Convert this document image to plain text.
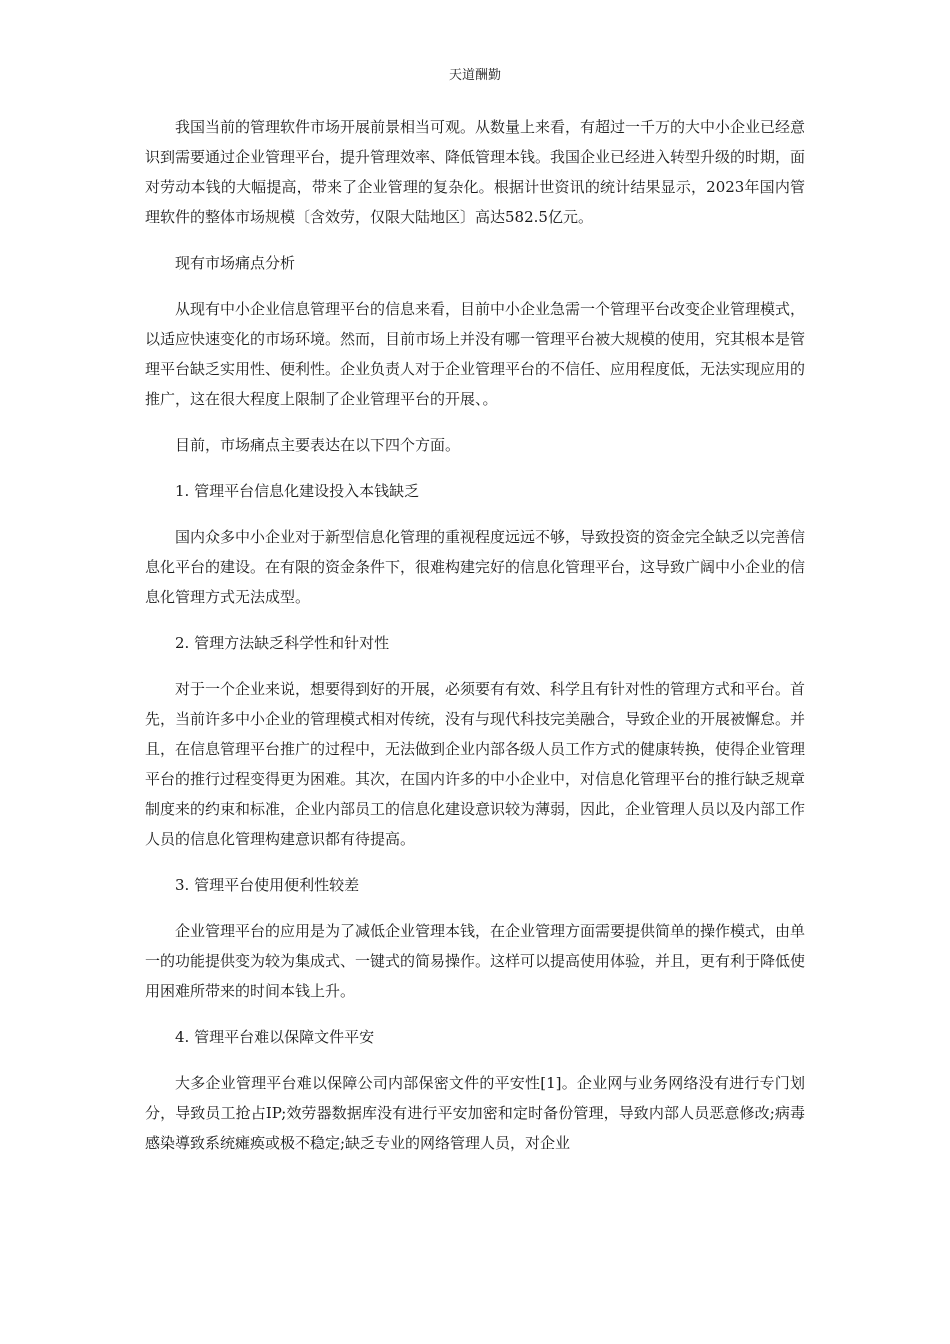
天道酬勤

我国当前的管理软件市场开展前景相当可观。从数量上来看，有超过一千万的大中小企业已经意识到需要通过企业管理平台，提升管理效率、降低管理本钱。我国企业已经进入转型升级的时期，面对劳动本钱的大幅提高，带来了企业管理的复杂化。根据计世资讯的统计结果显示，2023年国内管理软件的整体市场规模〔含效劳，仅限大陆地区〕高达582.5亿元。

现有市场痛点分析

从现有中小企业信息管理平台的信息来看，目前中小企业急需一个管理平台改变企业管理模式，以适应快速变化的市场环境。然而，目前市场上并没有哪一管理平台被大规模的使用，究其根本是管理平台缺乏实用性、便利性。企业负责人对于企业管理平台的不信任、应用程度低，无法实现应用的推广，这在很大程度上限制了企业管理平台的开展、。

目前，市场痛点主要表达在以下四个方面。

1. 管理平台信息化建设投入本钱缺乏

国内众多中小企业对于新型信息化管理的重视程度远远不够，导致投资的资金完全缺乏以完善信息化平台的建设。在有限的资金条件下，很难构建完好的信息化管理平台，这导致广阔中小企业的信息化管理方式无法成型。

2. 管理方法缺乏科学性和针对性

对于一个企业来说，想要得到好的开展，必须要有有效、科学且有针对性的管理方式和平台。首先，当前许多中小企业的管理模式相对传统，没有与现代科技完美融合，导致企业的开展被懈怠。并且，在信息管理平台推广的过程中，无法做到企业内部各级人员工作方式的健康转换，使得企业管理平台的推行过程变得更为困难。其次，在国内许多的中小企业中，对信息化管理平台的推行缺乏规章制度来的约束和标准，企业内部员工的信息化建设意识较为薄弱，因此，企业管理人员以及内部工作人员的信息化管理构建意识都有待提高。

3. 管理平台使用便利性较差

企业管理平台的应用是为了减低企业管理本钱，在企业管理方面需要提供简单的操作模式，由单一的功能提供变为较为集成式、一键式的简易操作。这样可以提高使用体验，并且，更有利于降低使用困难所带来的时间本钱上升。

4. 管理平台难以保障文件平安

大多企业管理平台难以保障公司内部保密文件的平安性[1]。企业网与业务网络没有进行专门划分，导致员工抢占IP;效劳器数据库没有进行平安加密和定时备份管理，导致内部人员恶意修改;病毒感染導致系统瘫痪或极不稳定;缺乏专业的网络管理人员，对企业
